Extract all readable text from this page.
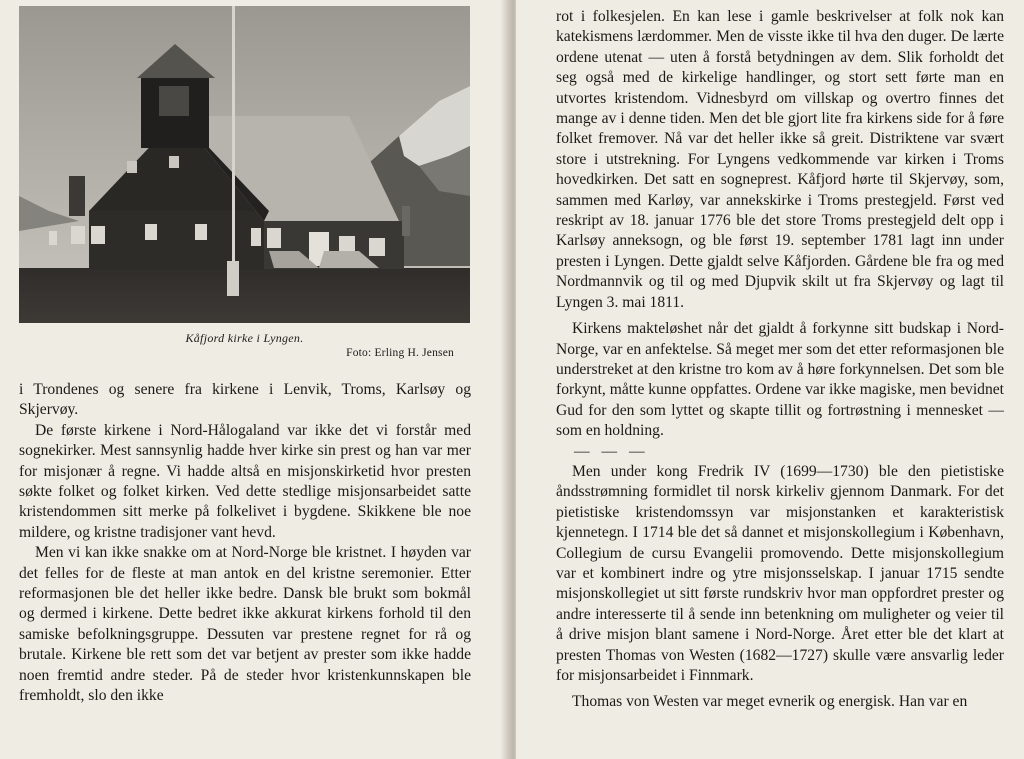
Kåfjord kirke i Lyngen.
Foto: Erling H. Jensen

i Trondenes og senere fra kirkene i Lenvik, Troms, Karlsøy og Skjervøy.

De første kirkene i Nord-Hålogaland var ikke det vi forstår med sognekirker. Mest sannsynlig hadde hver kirke sin prest og han var mer for misjonær å regne. Vi hadde altså en misjonskirketid hvor presten søkte folket og folket kirken. Ved dette stedlige misjonsarbeidet satte kristendommen sitt merke på folkelivet i bygdene. Skikkene ble noe mildere, og kristne tradisjoner vant hevd.

Men vi kan ikke snakke om at Nord-Norge ble kristnet. I høyden var det felles for de fleste at man antok en del kristne seremonier. Etter reformasjonen ble det heller ikke bedre. Dansk ble brukt som bokmål og dermed i kirkene. Dette bedret ikke akkurat kirkens forhold til den samiske befolkningsgruppe. Dessuten var prestene regnet for rå og brutale. Kirkene ble rett som det var betjent av prester som ikke hadde noen fremtid andre steder. På de steder hvor kristenkunnskapen ble fremholdt, slo den ikke

rot i folkesjelen. En kan lese i gamle beskrivelser at folk nok kan katekismens lærdommer. Men de visste ikke til hva den duger. De lærte ordene utenat — uten å forstå betydningen av dem. Slik forholdt det seg også med de kirkelige handlinger, og stort sett førte man en utvortes kristendom. Vidnesbyrd om villskap og overtro finnes det mange av i denne tiden. Men det ble gjort lite fra kirkens side for å føre folket fremover. Nå var det heller ikke så greit. Distriktene var svært store i utstrekning. For Lyngens vedkommende var kirken i Troms hovedkirken. Det satt en sogneprest. Kåfjord hørte til Skjervøy, som, sammen med Karløy, var annekskirke i Troms prestegjeld. Først ved reskript av 18. januar 1776 ble det store Troms prestegjeld delt opp i Karlsøy anneksogn, og ble først 19. september 1781 lagt inn under presten i Lyngen. Dette gjaldt selve Kåfjorden. Gårdene ble fra og med Nordmannvik og til og med Djupvik skilt ut fra Skjervøy og lagt til Lyngen 3. mai 1811.

Kirkens makteløshet når det gjaldt å forkynne sitt budskap i Nord-Norge, var en anfektelse. Så meget mer som det etter reformasjonen ble understreket at den kristne tro kom av å høre forkynnelsen. Det som ble forkynt, måtte kunne oppfattes. Ordene var ikke magiske, men bevidnet Gud for den som lyttet og skapte tillit og fortrøstning i mennesket — som en holdning.

— — —

Men under kong Fredrik IV (1699—1730) ble den pietistiske åndsstrømning formidlet til norsk kirkeliv gjennom Danmark. For det pietistiske kristendomssyn var misjonstanken et karakteristisk kjennetegn. I 1714 ble det så dannet et misjonskollegium i København, Collegium de cursu Evangelii promovendo. Dette misjonskollegium var et kombinert indre og ytre misjonsselskap. I januar 1715 sendte misjonskollegiet ut sitt første rundskriv hvor man oppfordret prester og andre interesserte til å sende inn betenkning om muligheter og veier til å drive misjon blant samene i Nord-Norge. Året etter ble det klart at presten Thomas von Westen (1682—1727) skulle være ansvarlig leder for misjonsarbeidet i Finnmark.

Thomas von Westen var meget evnerik og energisk. Han var en
